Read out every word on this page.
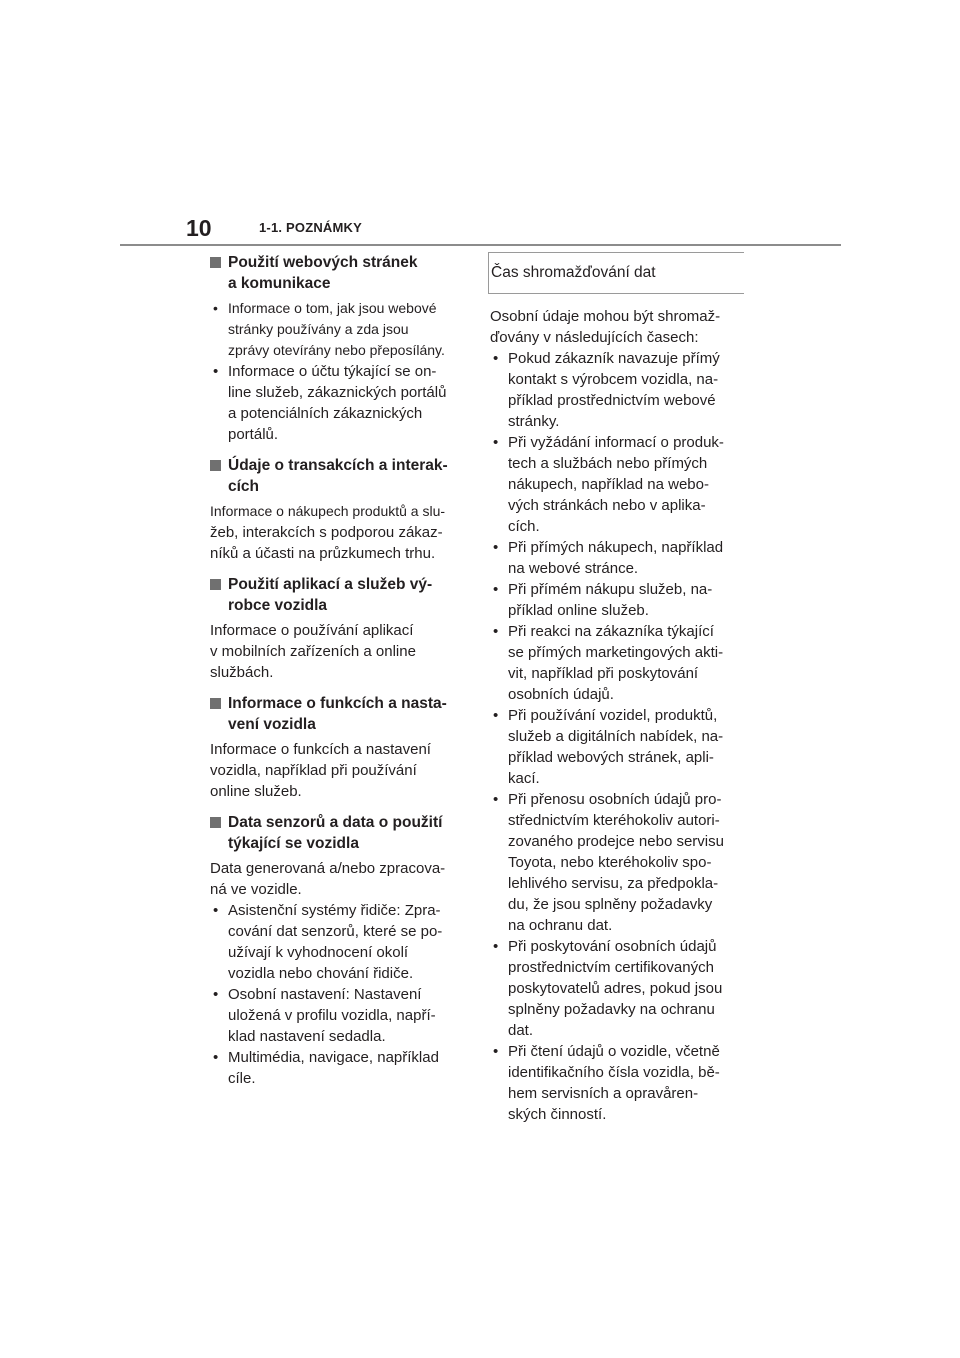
10	1-1. POZNÁMKY
Použití webových stránek
a komunikace
• Informace o tom, jak jsou webové
stránky používány a zda jsou
zprávy otevírány nebo přeposílány.
• Informace o účtu týkající se on-
line služeb, zákaznických portálů
a potenciálních zákaznických
portálů.
Údaje o transakcích a interak-
cích
Informace o nákupech produktů a slu-
žeb, interakcích s podporou zákaz-
níků a účasti na průzkumech trhu.
Použití aplikací a služeb vý-
robce vozidla
Informace o používání aplikací
v mobilních zařízeních a online
službách.
Informace o funkcích a nasta-
vení vozidla
Informace o funkcích a nastavení
vozidla, například při používání
online služeb.
Data senzorů a data o použití
týkající se vozidla
Data generovaná a/nebo zpracova-
ná ve vozidle.
• Asistenční systémy řidiče: Zpra-
cování dat senzorů, které se po-
užívají k vyhodnocení okolí
vozidla nebo chování řidiče.
• Osobní nastavení: Nastavení
uložená v profilu vozidla, napří-
klad nastavení sedadla.
• Multimédia, navigace, například
cíle.
Čas shromažďování dat
Osobní údaje mohou být shromaž-
ďovány v následujících časech:
• Pokud zákazník navazuje přímý
kontakt s výrobcem vozidla, na-
příklad prostřednictvím webové
stránky.
• Při vyžádání informací o produk-
tech a službách nebo přímých
nákupech, například na webo-
vých stránkách nebo v aplika-
cích.
• Při přímých nákupech, například
na webové stránce.
• Při přímém nákupu služeb, na-
příklad online služeb.
• Při reakci na zákazníka týkající
se přímých marketingových akti-
vit, například při poskytování
osobních údajů.
• Při používání vozidel, produktů,
služeb a digitálních nabídek, na-
příklad webových stránek, apli-
kací.
• Při přenosu osobních údajů pro-
střednictvím kteréhokoliv autori-
zovaného prodejce nebo servisu
Toyota, nebo kteréhokoliv spo-
lehlivého servisu, za předpokla-
du, že jsou splněny požadavky
na ochranu dat.
• Při poskytování osobních údajů
prostřednictvím certifikovaných
poskytovatelů adres, pokud jsou
splněny požadavky na ochranu
dat.
• Při čtení údajů o vozidle, včetně
identifikačního čísla vozidla, bě-
hem servisních a opravåren-
ských činností.
